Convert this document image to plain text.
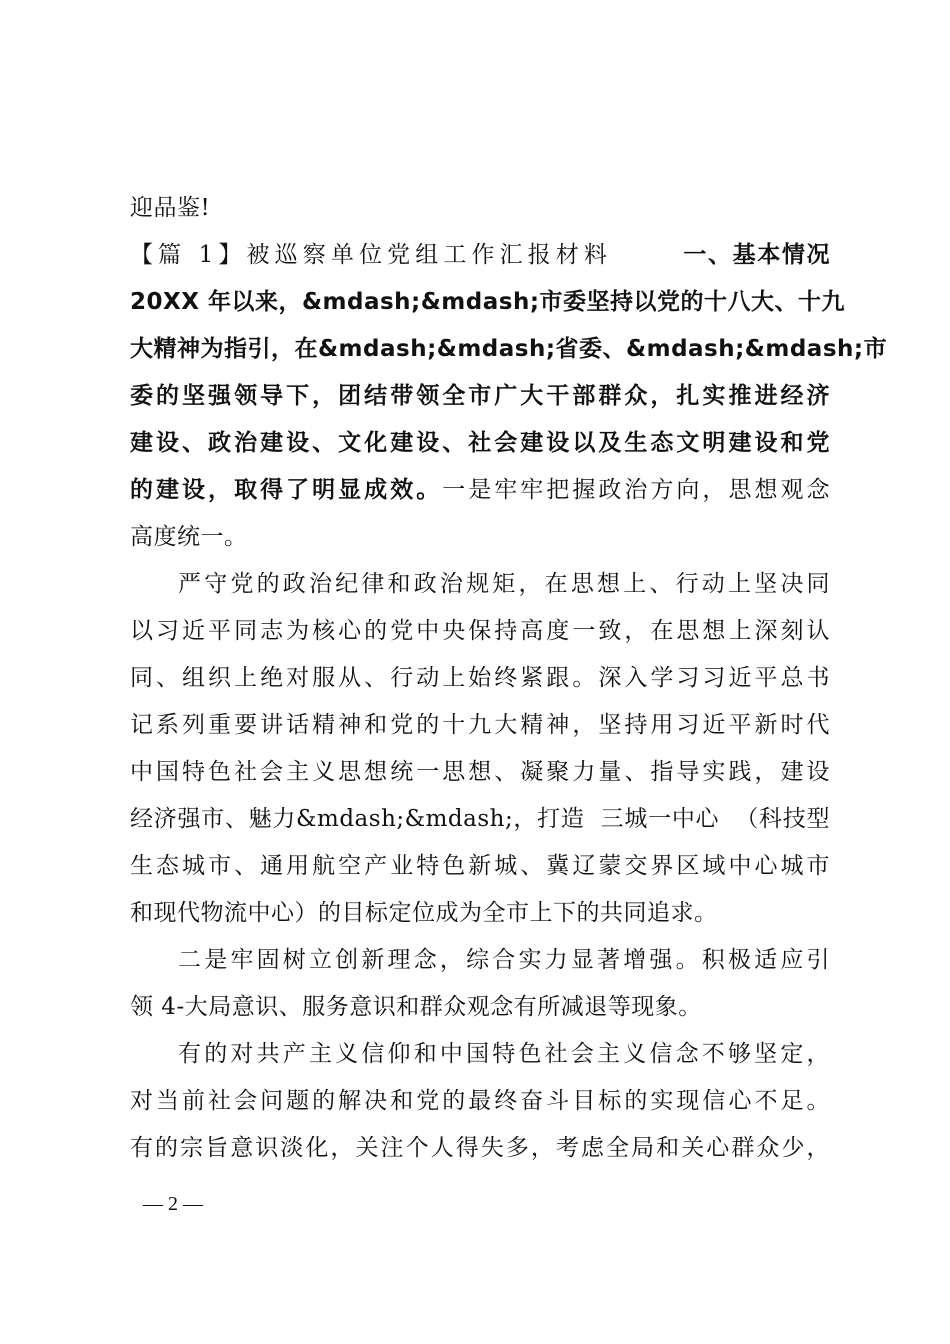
迎品鉴!
【篇 1】被巡察单位党组工作汇报材料	一、基本情况
20XX 年以来，&mdash;&mdash;市委坚持以党的十八大、十九
大精神为指引，在&mdash;&mdash;省委、&mdash;&mdash;市
委的坚强领导下，团结带领全市广大干部群众，扎实推进经济
建设、政治建设、文化建设、社会建设以及生态文明建设和党
的建设，取得了明显成效。一是牢牢把握政治方向，思想观念
高度统一。
严守党的政治纪律和政治规矩，在思想上、行动上坚决同
以习近平同志为核心的党中央保持高度一致，在思想上深刻认
同、组织上绝对服从、行动上始终紧跟。深入学习习近平总书
记系列重要讲话精神和党的十九大精神，坚持用习近平新时代
中国特色社会主义思想统一思想、凝聚力量、指导实践，建设
经济强市、魅力&mdash;&mdash;，打造  三城一中心  （科技型
生态城市、通用航空产业特色新城、冀辽蒙交界区域中心城市
和现代物流中心）的目标定位成为全市上下的共同追求。
二是牢固树立创新理念，综合实力显著增强。积极适应引
领 4-大局意识、服务意识和群众观念有所减退等现象。
有的对共产主义信仰和中国特色社会主义信念不够坚定，
对当前社会问题的解决和党的最终奋斗目标的实现信心不足。
有的宗旨意识淡化，关注个人得失多，考虑全局和关心群众少，
— 2 —
